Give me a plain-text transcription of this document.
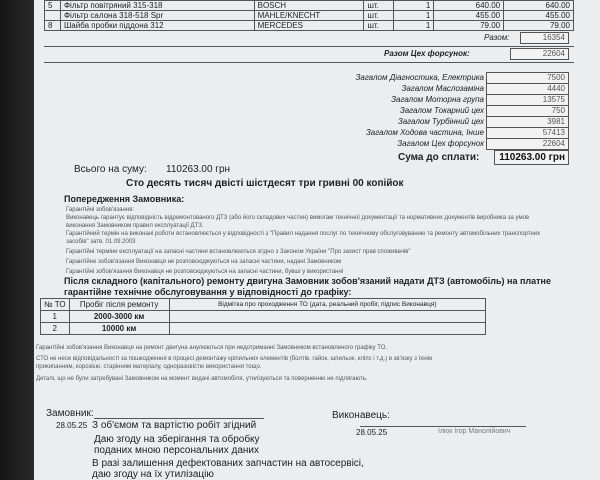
5	Фільтр повітряний 315-318	BOSCH	шт.	1	640.00	640.00
	Фільтр салона 318-518 Spr	MAHLE/KNECHT	шт.	1	455.00	455.00
8	Шайба пробки піддона 312	MERCEDES	шт.	1	79.00	79.00
Разом:	16354
Разом Цех форсунок:	22604
Загалом Діагностика, Електрика	7500
Загалом Маслозаміна	4440
Загалом Моторна група	13575
Загалом Токарний цех	750
Загалом Турбінний цех	3981
Загалом Ходова частина, Інше	57413
Загалом Цех форсунок	22604
Сума до сплати:	110263.00 грн
Всього на суму: 110263.00 грн
Сто десять тисяч двісті шістдесят три гривні 00 копійок
Попередження Замовника:
Гарантійні зобов'язання:
Виконавець гарантує відповідність відремонтованого ДТЗ (або його складових частин) вимогам технічної документації та нормативних документів виробника за умов
виконання Замовником правил експлуатації ДТЗ.
Гарантійний термін на виконані роботи встановлюється у відповідності з "Правил надання послуг по технічному обслуговуванню та ремонту автомобільних транспортних
засобів" затв. 01.09.2003
Гарантійні терміни експлуатації на запасні частини встановлюються згідно з Законом України "Про захист прав споживачів"
Гарантійне зобов'язання Виконавця не розповсюджуються на запасні частини, надані Замовником
Гарантійні зобов'язання Виконавця не розповсюджуються на запасні частини, бувші у використанні
Після складного (капітального) ремонту двигуна Замовник зобов'язаний надати ДТЗ (автомобіль) на платне
гарантійне технічне обслуговування у відповідності до графіку:
№ ТО	Пробіг після ремонту	Відмітка про проходження ТО (дата, реальний пробіг, підпис Виконавця)
1	2000-3000 км	
2	10000 км	
Гарантійні зобов'язання Виконавця на ремонт двигуна анулюються при недотриманні Замовником встановленого графіку ТО.
СТО не несе відповідальності за пошкодження в процесі демонтажу кріпильних елементів (болтів, гайок, шпильок, кліпс і т.д.) в зв'язку з їхнім
прикипанням, корозією, старінням матеріалу, одноразовістю використання тощо.
Деталі, що не були затребувані Замовником на момент видачі автомобіля, утилізуються та поверненню не підлягають.
Замовник:
28.05.25 З об'ємом та вартістю робіт згідний
Виконавець:
28.05.25	Ілюк Ігор Манолійович
Даю згоду на зберігання та обробку
поданих мною персональних даних
В разі залишення дефектованих запчастин на автосервісі,
даю згоду на їх утилізацію
